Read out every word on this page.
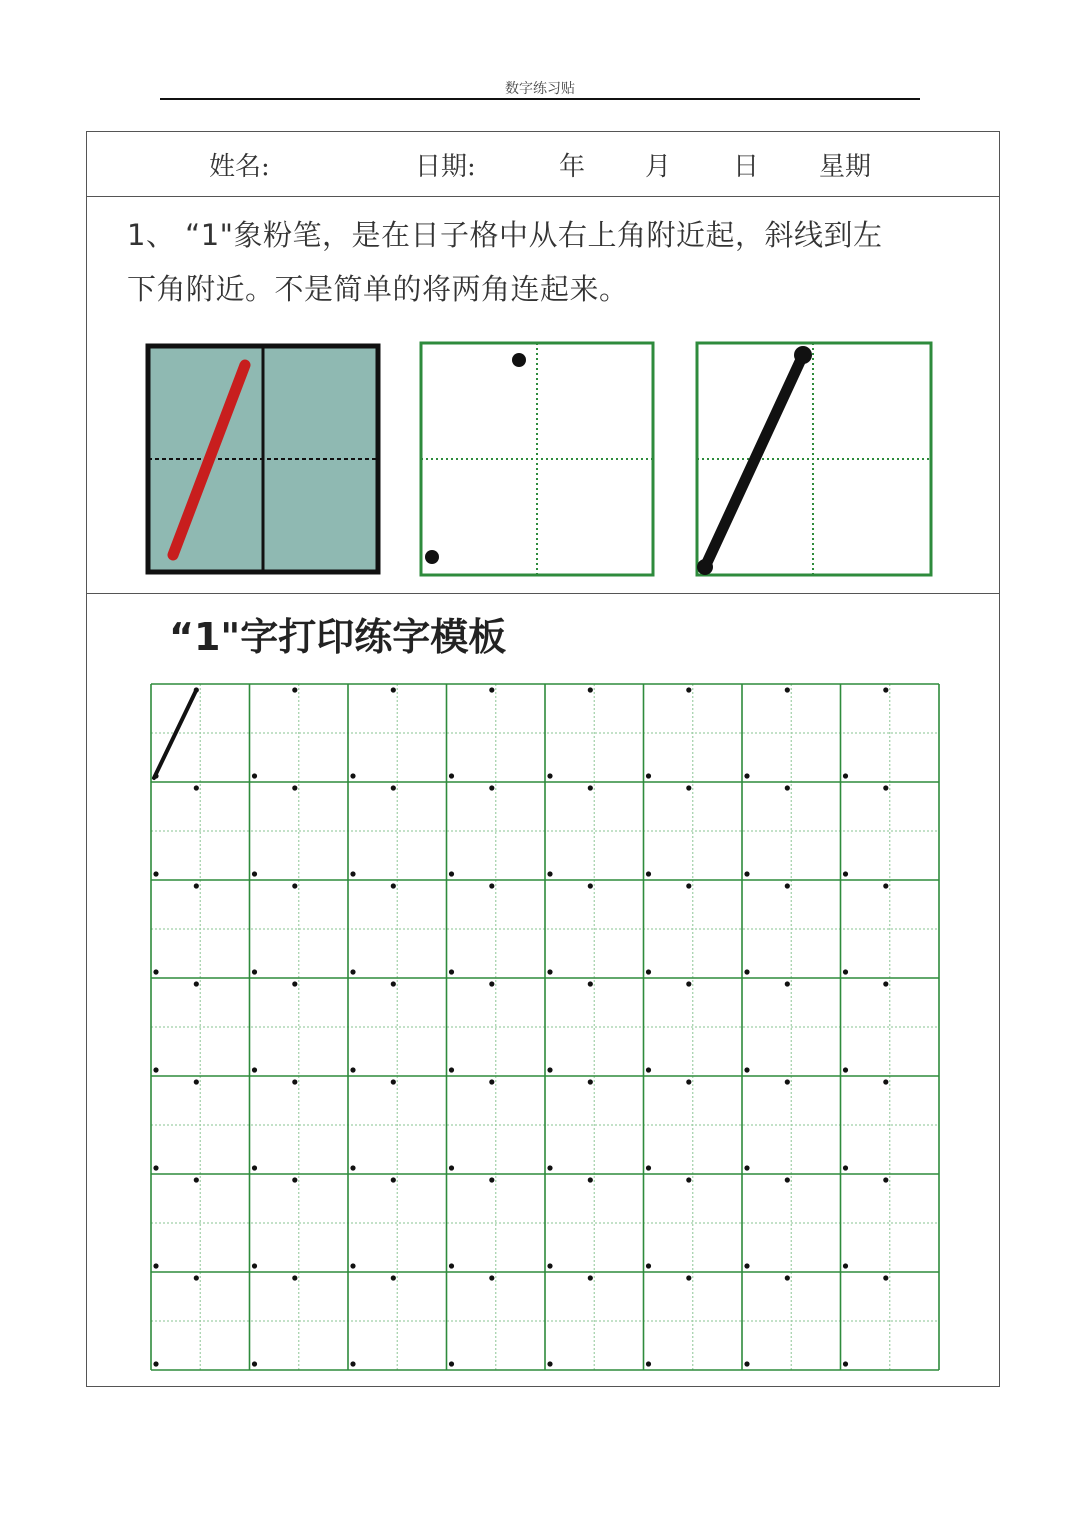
数字练习贴
姓名:	日期:	年 月 日 星期
1、 “1"象粉笔，是在日子格中从右上角附近起，斜线到左
下角附近。不是简单的将两角连起来。
“1"字打印练字模板
